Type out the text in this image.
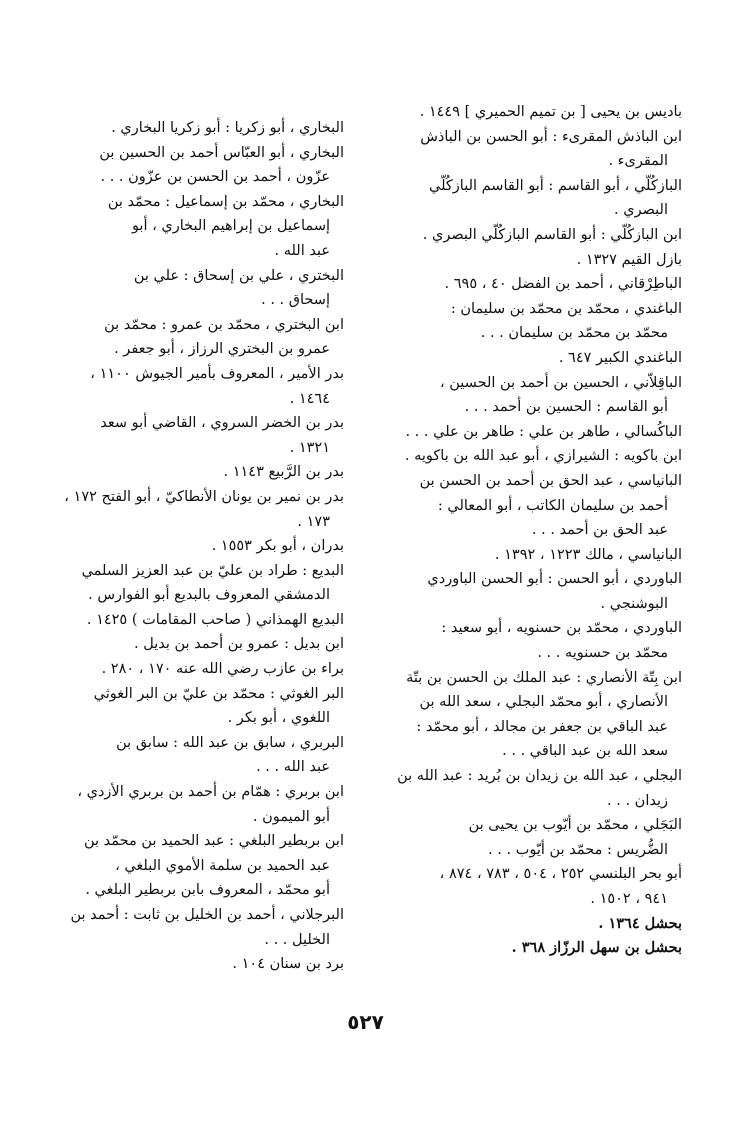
باديس بن يحيى [ بن تميم الحميري ] ١٤٤٩ .
ابن الباذش المقرىء : أبو الحسن بن الباذش
المقرىء .
البازكُلّي ، أبو القاسم : أبو القاسم البازكُلّي
البصري .
ابن البازكُلّي : أبو القاسم البازكُلّي البصري .
بازل القيم ١٣٢٧ .
الباطِرْقاني ، أحمد بن الفضل ٤٠ ، ٦٩٥ .
الباغندي ، محمّد بن محمّد بن سليمان :
محمّد بن محمّد بن سليمان . . .
الباغندي الكبير ٦٤٧ .
الباقِلاّني ، الحسين بن أحمد بن الحسين ،
أبو القاسم : الحسين بن أحمد . . .
الباكُسالي ، طاهر بن علي : طاهر بن علي . . .
ابن باكويه : الشيرازي ، أبو عبد الله بن باكويه .
البانياسي ، عبد الحق بن أحمد بن الحسن بن
أحمد بن سليمان الكاتب ، أبو المعالي :
عبد الحق بن أحمد . . .
البانياسي ، مالك ١٢٢٣ ، ١٣٩٢ .
الباوردي ، أبو الحسن : أبو الحسن الباوردي
البوشنجي .
الباوردي ، محمّد بن حسنويه ، أبو سعيد :
محمّد بن حسنويه . . .
ابن بِتّة الأنصاري : عبد الملك بن الحسن بن بتّة
الأنصاري ، أبو محمّد البجلي ، سعد الله بن
عبد الباقي بن جعفر بن مجالد ، أبو محمّد :
سعد الله بن عبد الباقي . . .
البجلي ، عبد الله بن زيدان بن بُريد : عبد الله بن
زيدان . . .
البَجَلي ، محمّد بن أيّوب بن يحيى بن
الضُّريس : محمّد بن أيّوب . . .
أبو بحر البلنسي ٢٥٢ ، ٥٠٤ ، ٧٨٣ ، ٨٧٤ ،
٩٤١ ، ١٥٠٢ .
بحشل ١٣٦٤ .
بحشل بن سهل الرزّاز ٣٦٨ .
البخاري ، أبو زكريا : أبو زكريا البخاري .
البخاري ، أبو العبّاس أحمد بن الحسين بن
عزّون ، أحمد بن الحسن بن عزّون . . .
البخاري ، محمّد بن إسماعيل : محمّد بن
إسماعيل بن إبراهيم البخاري ، أبو
عبد الله .
البختري ، علي بن إسحاق : علي بن
إسحاق . . .
ابن البختري ، محمّد بن عمرو : محمّد بن
عمرو بن البختري الرزاز ، أبو جعفر .
بدر الأمير ، المعروف بأمير الجيوش ١١٠٠ ،
١٤٦٤ .
بدر بن الخضر السروي ، القاضي أبو سعد
١٣٢١ .
بدر بن الرَّبيع ١١٤٣ .
بدر بن نمير بن يونان الأنطاكيّ ، أبو الفتح ١٧٢ ،
١٧٣ .
بدران ، أبو بكر ١٥٥٣ .
البديع : طراد بن عليّ بن عبد العزيز السلمي
الدمشقي المعروف بالبديع أبو الفوارس .
البديع الهمذاني ( صاحب المقامات ) ١٤٢٥ .
ابن بديل : عمرو بن أحمد بن بديل .
براء بن عازب رضي الله عنه ١٧٠ ، ٢٨٠ .
البر الغوثي : محمّد بن عليّ بن البر الغوثي
اللغوي ، أبو بكر .
البربري ، سابق بن عبد الله : سابق بن
عبد الله . . .
ابن بربري : همّام بن أحمد بن بربري الأزدي ،
أبو الميمون .
ابن بربطير البلغي : عبد الحميد بن محمّد بن
عبد الحميد بن سلمة الأموي البلغي ،
أبو محمّد ، المعروف بابن بربطير البلغي .
البرجلاني ، أحمد بن الخليل بن ثابت : أحمد بن
الخليل . . .
برد بن سنان ١٠٤ .
٥٢٧
